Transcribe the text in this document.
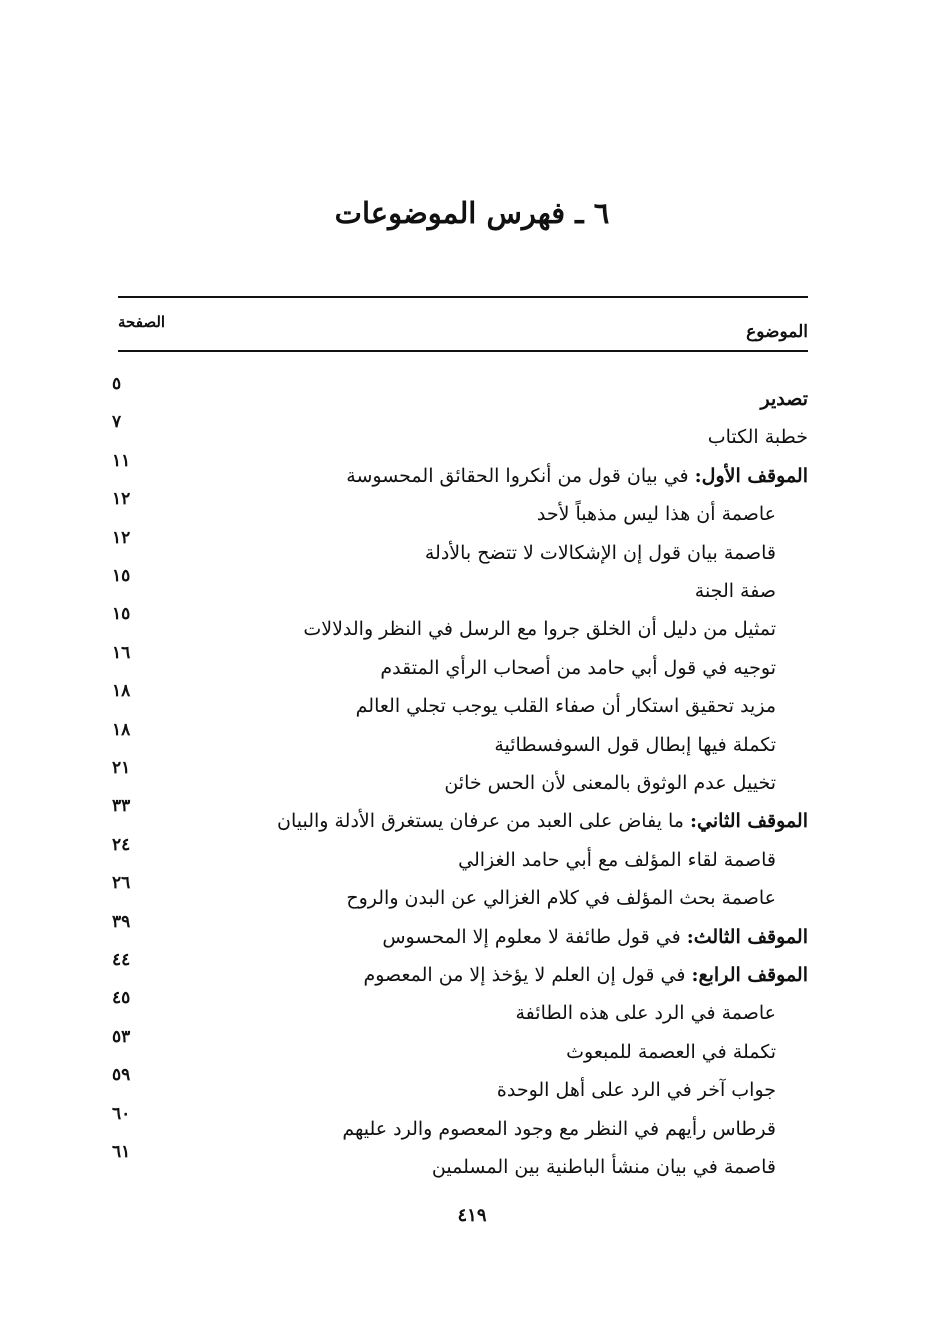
٦ ـ فهرس الموضوعات
الموضوع
الصفحة
٥
تصدير
٧
خطبة الكتاب
١١
الموقف الأول: في بيان قول من أنكروا الحقائق المحسوسة
١٢
عاصمة أن هذا ليس مذهباً لأحد
١٢
قاصمة بيان قول إن الإشكالات لا تتضح بالأدلة
١٥
صفة الجنة
١٥
تمثيل من دليل أن الخلق جروا مع الرسل في النظر والدلالات
١٦
توجيه في قول أبي حامد من أصحاب الرأي المتقدم
١٨
مزيد تحقيق استكار أن صفاء القلب يوجب تجلي العالم
١٨
تكملة فيها إبطال قول السوفسطائية
٢١
تخييل عدم الوثوق بالمعنى لأن الحس خائن
٣٣
الموقف الثاني: ما يفاض على العبد من عرفان يستغرق الأدلة والبيان
٢٤
قاصمة لقاء المؤلف مع أبي حامد الغزالي
٢٦
عاصمة بحث المؤلف في كلام الغزالي عن البدن والروح
٣٩
الموقف الثالث: في قول طائفة لا معلوم إلا المحسوس
٤٤
الموقف الرابع: في قول إن العلم لا يؤخذ إلا من المعصوم
٤٥
عاصمة في الرد على هذه الطائفة
٥٣
تكملة في العصمة للمبعوث
٥٩
جواب آخر في الرد على أهل الوحدة
٦٠
قرطاس رأيهم في النظر مع وجود المعصوم والرد عليهم
٦١
قاصمة في بيان منشأ الباطنية بين المسلمين
٤١٩
